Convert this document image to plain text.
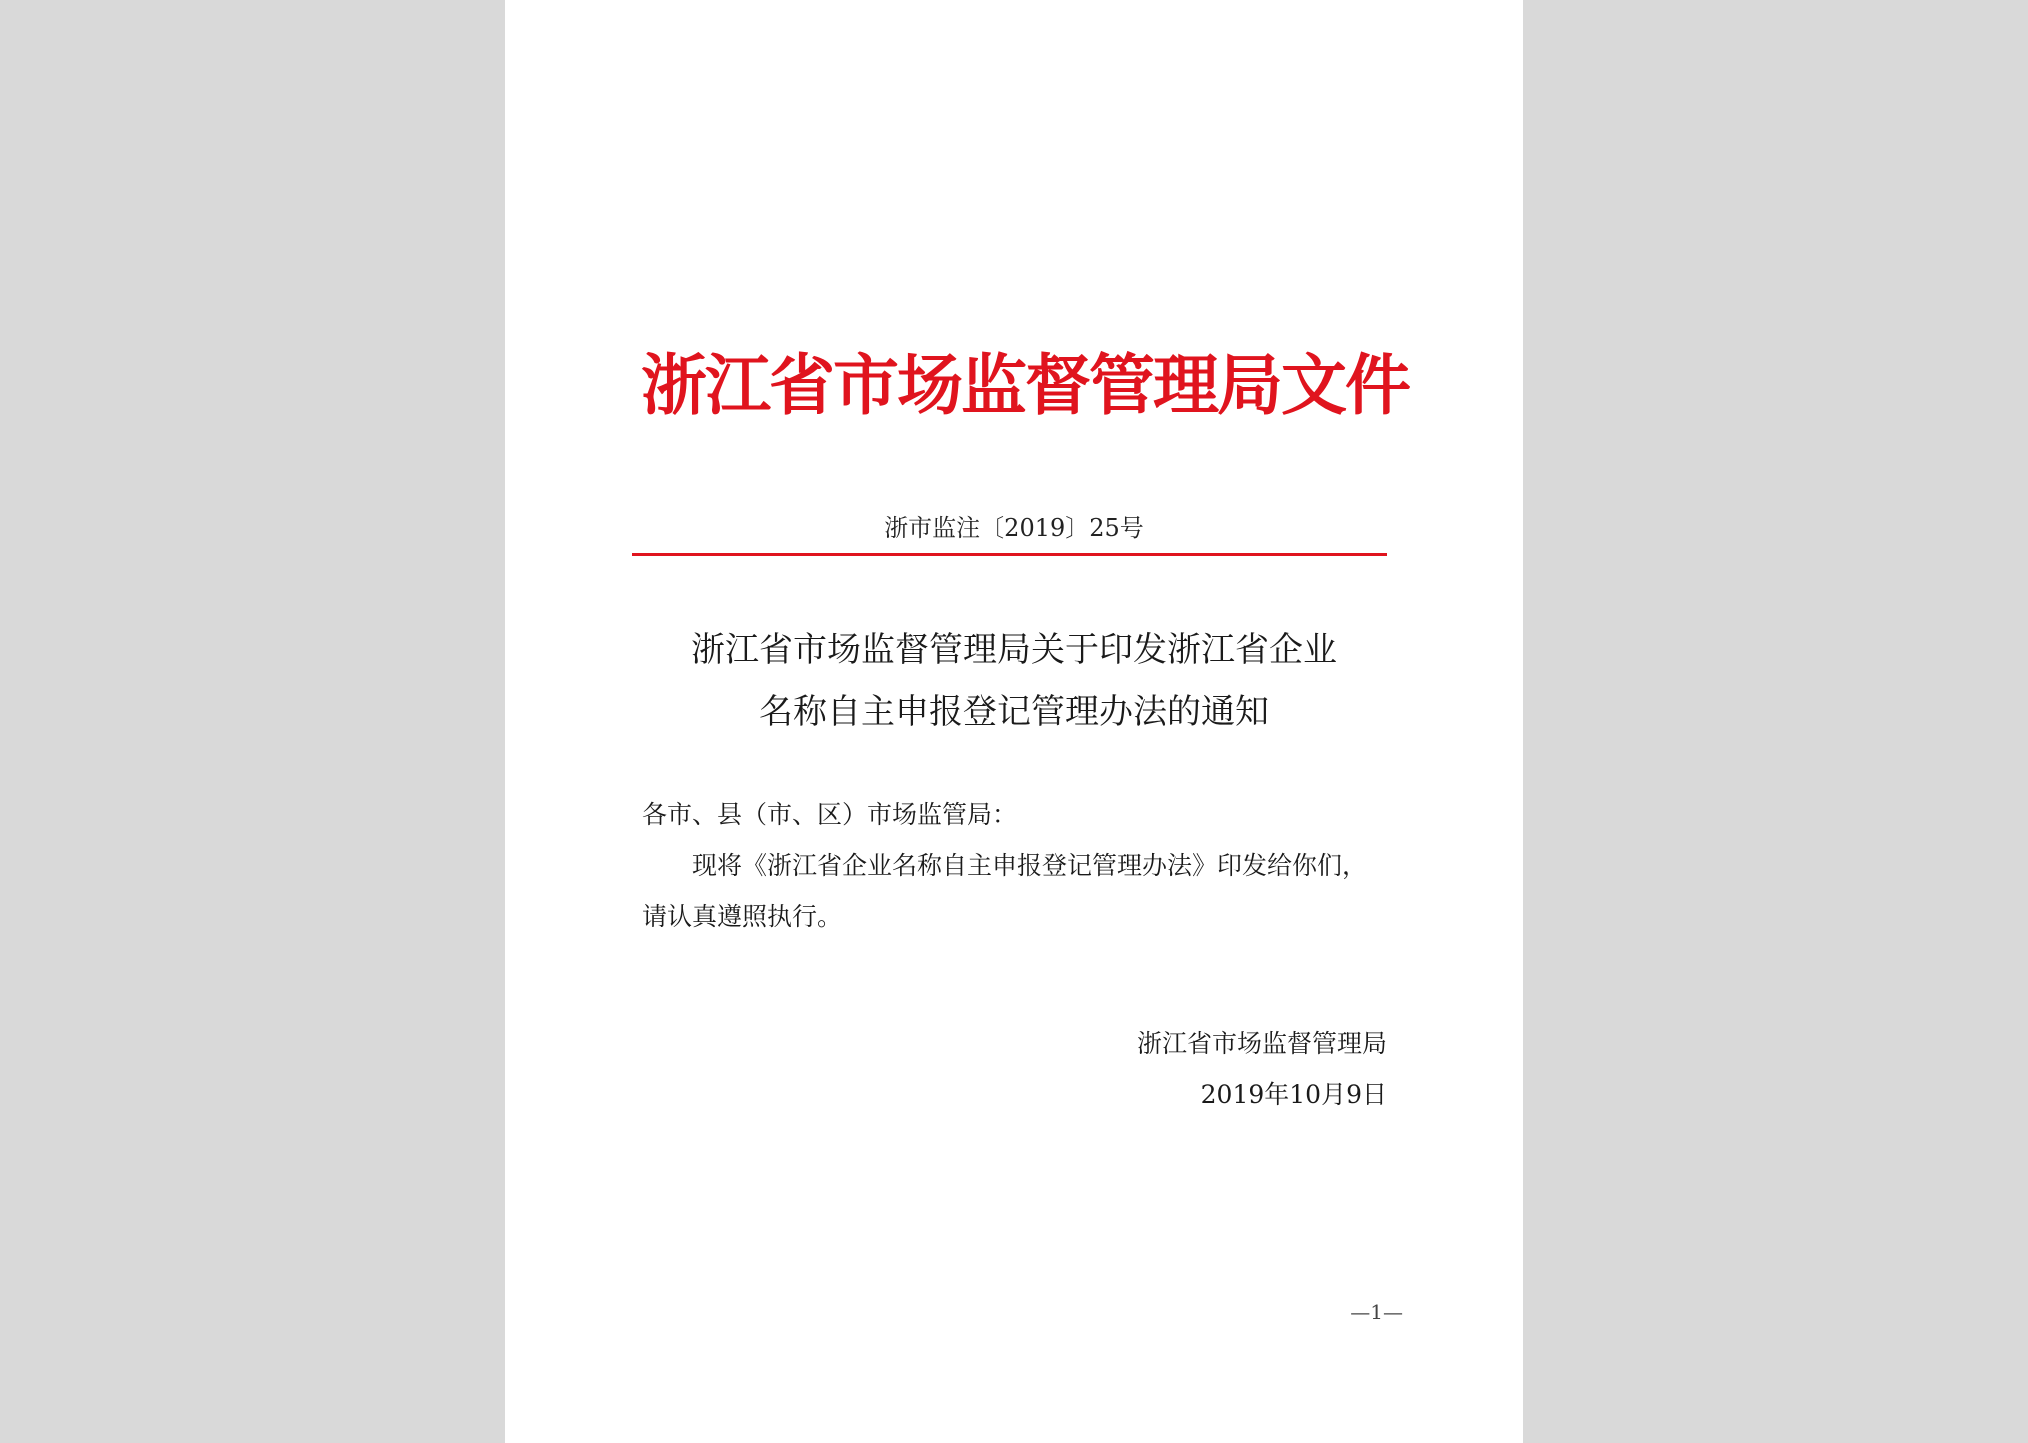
浙江省市场监督管理局文件
浙市监注〔2019〕25号
浙江省市场监督管理局关于印发浙江省企业
名称自主申报登记管理办法的通知
各市、县（市、区）市场监管局：
现将《浙江省企业名称自主申报登记管理办法》印发给你们，
请认真遵照执行。
浙江省市场监督管理局
2019年10月9日
—1—
